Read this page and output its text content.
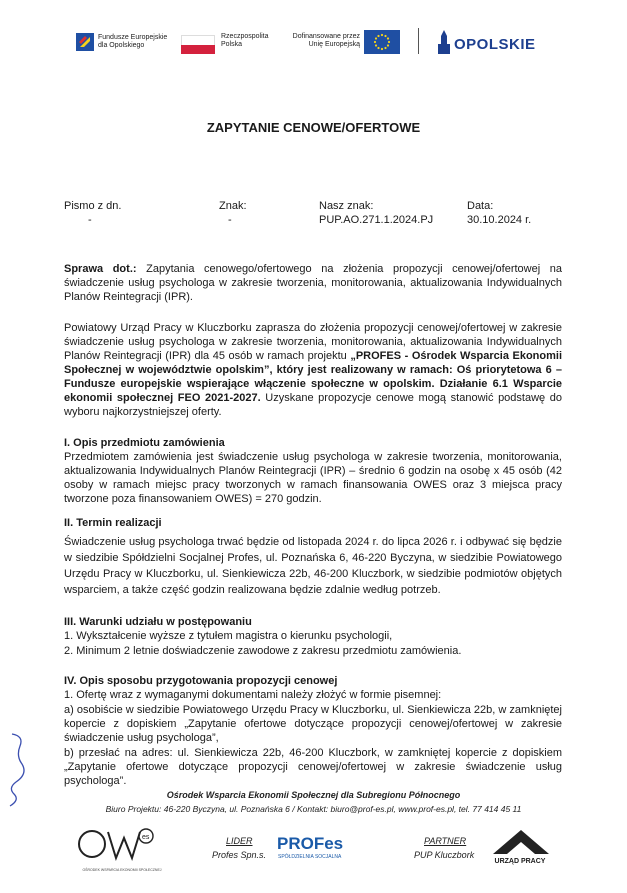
Fundusze Europejskie
dla Opolskiego
Rzeczpospolita
Polska
Dofinansowane przez
Unię Europejską	OPOLSKIE
ZAPYTANIE CENOWE/OFERTOWE
Pismo z dn.
-
Znak:
-
Nasz znak:
PUP.AO.271.1.2024.PJ
Data:
30.10.2024 r.
Sprawa dot.: Zapytania cenowego/ofertowego na złożenia propozycji cenowej/ofertowej na świadczenie usług psychologa w zakresie tworzenia, monitorowania, aktualizowania Indywidualnych Planów Reintegracji (IPR).
Powiatowy Urząd Pracy w Kluczborku zaprasza do złożenia propozycji cenowej/ofertowej w zakresie świadczenie usług psychologa w zakresie tworzenia, monitorowania, aktualizowania Indywidualnych Planów Reintegracji (IPR) dla 45 osób w ramach projektu „PROFES - Ośrodek Wsparcia Ekonomii Społecznej w województwie opolskim”, który jest realizowany w ramach: Oś priorytetowa 6 – Fundusze europejskie wspierające włączenie społeczne w opolskim. Działanie 6.1 Wsparcie ekonomii społecznej FEO 2021-2027. Uzyskane propozycje cenowe mogą stanowić podstawę do wyboru najkorzystniejszej oferty.
I. Opis przedmiotu zamówienia
Przedmiotem zamówienia jest świadczenie usług psychologa w zakresie tworzenia, monitorowania, aktualizowania Indywidualnych Planów Reintegracji (IPR) – średnio 6 godzin na osobę x 45 osób (42 osoby w ramach miejsc pracy tworzonych w ramach finansowania OWES oraz 3 miejsca pracy tworzone poza finansowaniem OWES) = 270 godzin.
II. Termin realizacji
Świadczenie usług psychologa trwać będzie od listopada 2024 r. do lipca 2026 r. i odbywać się będzie w siedzibie Spółdzielni Socjalnej Profes, ul. Poznańska 6, 46-220 Byczyna, w siedzibie Powiatowego Urzędu Pracy w Kluczborku, ul. Sienkiewicza 22b, 46-200 Kluczbork, w siedzibie podmiotów objętych wsparciem, a także część godzin realizowana będzie zdalnie według potrzeb.
III. Warunki udziału w postępowaniu
1. Wykształcenie wyższe z tytułem magistra o kierunku psychologii,
2. Minimum 2 letnie doświadczenie zawodowe z zakresu przedmiotu zamówienia.
IV. Opis sposobu przygotowania propozycji cenowej
1. Ofertę wraz z wymaganymi dokumentami należy złożyć w formie pisemnej:
a) osobiście w siedzibie Powiatowego Urzędu Pracy w Kluczborku, ul. Sienkiewicza 22b, w zamkniętej kopercie z dopiskiem „Zapytanie ofertowe dotyczące propozycji cenowej/ofertowej w zakresie świadczenie usług psychologa”,
b) przesłać na adres: ul. Sienkiewicza 22b, 46-200 Kluczbork, w zamkniętej kopercie z dopiskiem „Zapytanie ofertowe dotyczące propozycji cenowej/ofertowej w zakresie świadczenie usług psychologa”.
Ośrodek Wsparcia Ekonomii Społecznej dla Subregionu Północnego
Biuro Projektu: 46-220 Byczyna, ul. Poznańska 6 / Kontakt: biuro@prof-es.pl, www.prof-es.pl, tel. 77 414 45 11
es
OŚRODEK WSPARCIA EKONOMII SPOŁECZNEJ
LIDER
Profes Spn.s.
PROFes
SPÓŁDZIELNIA SOCJALNA
PARTNER
PUP Kluczbork
URZĄD PRACY
